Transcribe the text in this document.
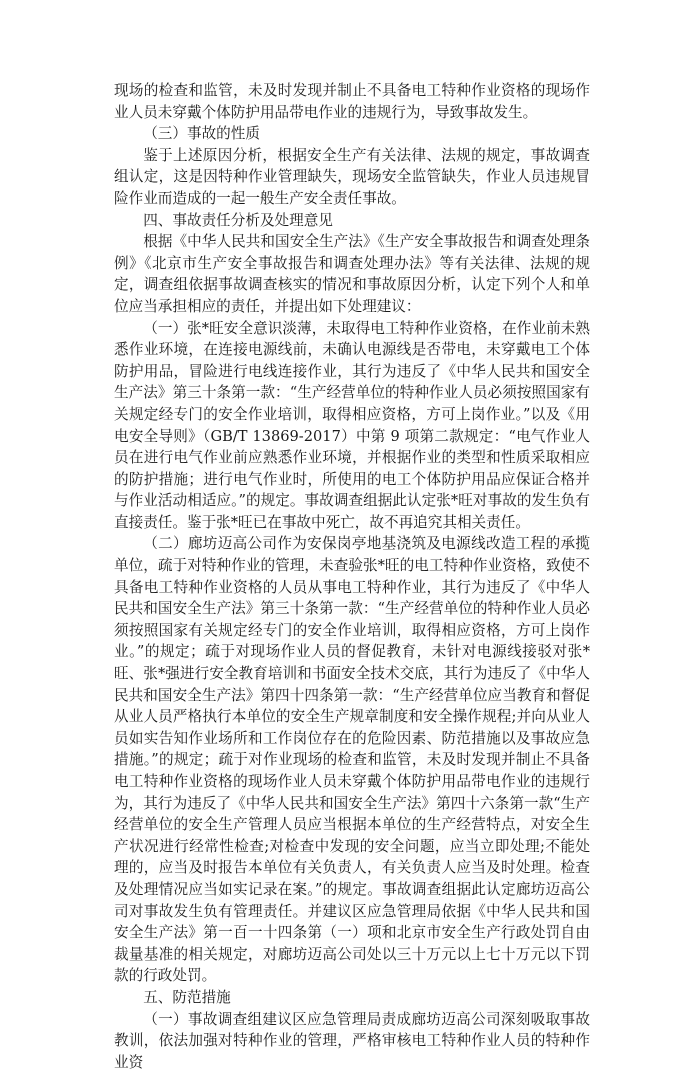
现场的检查和监管，未及时发现并制止不具备电工特种作业资格的现场作业人员未穿戴个体防护用品带电作业的违规行为，导致事故发生。

（三）事故的性质

鉴于上述原因分析，根据安全生产有关法律、法规的规定，事故调查组认定，这是因特种作业管理缺失，现场安全监管缺失，作业人员违规冒险作业而造成的一起一般生产安全责任事故。

四、事故责任分析及处理意见

根据《中华人民共和国安全生产法》《生产安全事故报告和调查处理条例》《北京市生产安全事故报告和调查处理办法》等有关法律、法规的规定，调查组依据事故调查核实的情况和事故原因分析，认定下列个人和单位应当承担相应的责任，并提出如下处理建议：

（一）张*旺安全意识淡薄，未取得电工特种作业资格，在作业前未熟悉作业环境，在连接电源线前，未确认电源线是否带电，未穿戴电工个体防护用品，冒险进行电线连接作业，其行为违反了《中华人民共和国安全生产法》第三十条第一款：“生产经营单位的特种作业人员必须按照国家有关规定经专门的安全作业培训，取得相应资格，方可上岗作业。”以及《用电安全导则》（GB/T 13869-2017）中第 9 项第二款规定：“电气作业人员在进行电气作业前应熟悉作业环境，并根据作业的类型和性质采取相应的防护措施；进行电气作业时，所使用的电工个体防护用品应保证合格并与作业活动相适应。”的规定。事故调查组据此认定张*旺对事故的发生负有直接责任。鉴于张*旺已在事故中死亡，故不再追究其相关责任。

（二）廊坊迈高公司作为安保岗亭地基浇筑及电源线改造工程的承揽单位，疏于对特种作业的管理，未查验张*旺的电工特种作业资格，致使不具备电工特种作业资格的人员从事电工特种作业，其行为违反了《中华人民共和国安全生产法》第三十条第一款：“生产经营单位的特种作业人员必须按照国家有关规定经专门的安全作业培训，取得相应资格，方可上岗作业。”的规定；疏于对现场作业人员的督促教育，未针对电源线接驳对张*旺、张*强进行安全教育培训和书面安全技术交底，其行为违反了《中华人民共和国安全生产法》第四十四条第一款：“生产经营单位应当教育和督促从业人员严格执行本单位的安全生产规章制度和安全操作规程;并向从业人员如实告知作业场所和工作岗位存在的危险因素、防范措施以及事故应急措施。”的规定；疏于对作业现场的检查和监管，未及时发现并制止不具备电工特种作业资格的现场作业人员未穿戴个体防护用品带电作业的违规行为，其行为违反了《中华人民共和国安全生产法》第四十六条第一款“生产经营单位的安全生产管理人员应当根据本单位的生产经营特点，对安全生产状况进行经常性检查;对检查中发现的安全问题，应当立即处理;不能处理的，应当及时报告本单位有关负责人，有关负责人应当及时处理。检查及处理情况应当如实记录在案。”的规定。事故调查组据此认定廊坊迈高公司对事故发生负有管理责任。并建议区应急管理局依据《中华人民共和国安全生产法》第一百一十四条第（一）项和北京市安全生产行政处罚自由裁量基准的相关规定，对廊坊迈高公司处以三十万元以上七十万元以下罚款的行政处罚。

五、防范措施

（一）事故调查组建议区应急管理局责成廊坊迈高公司深刻吸取事故教训，依法加强对特种作业的管理，严格审核电工特种作业人员的特种作业资
